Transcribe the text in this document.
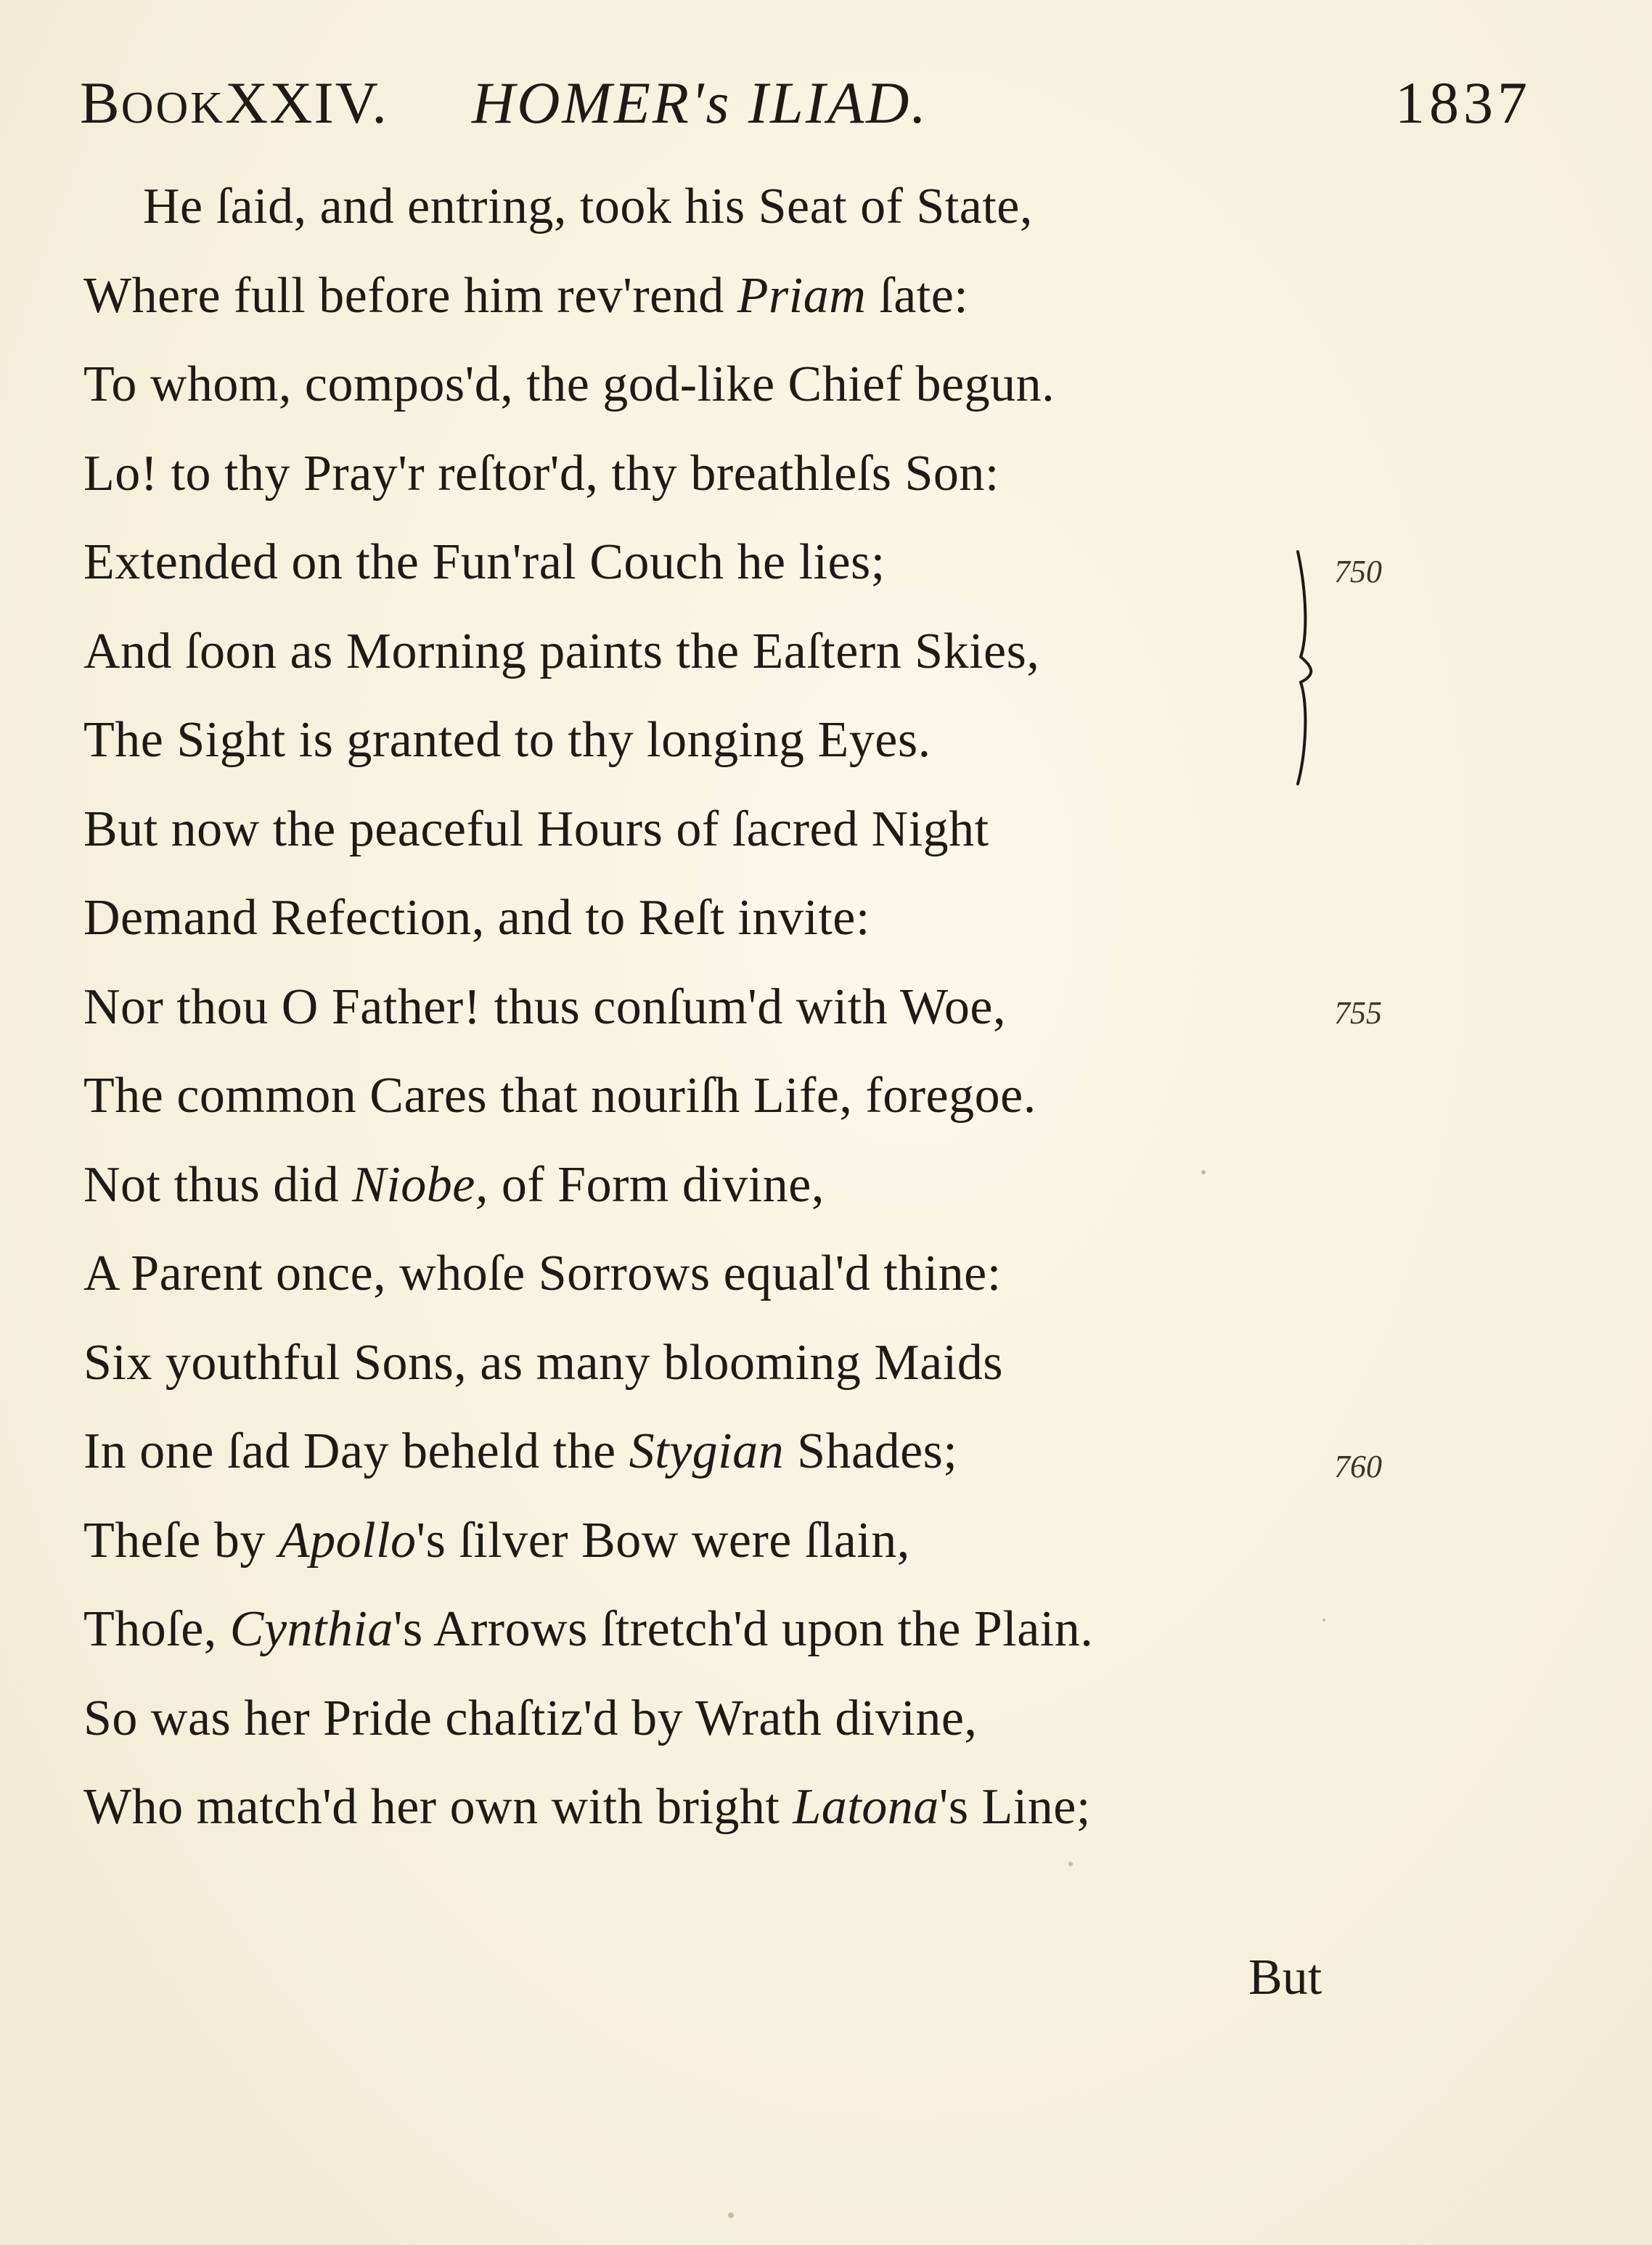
BOOKXXIV. HOMER's ILIAD.	1837
He ſaid, and entring, took his Seat of State,
Where full before him rev'rend Priam ſate:
To whom, compos'd, the god-like Chief begun.
Lo! to thy Pray'r reſtor'd, thy breathleſs Son:
Extended on the Fun'ral Couch he lies;
And ſoon as Morning paints the Eaſtern Skies,
The Sight is granted to thy longing Eyes.
But now the peaceful Hours of ſacred Night
Demand Refection, and to Reſt invite:
Nor thou O Father! thus conſum'd with Woe,
The common Cares that nouriſh Life, foregoe.
Not thus did Niobe, of Form divine,
A Parent once, whoſe Sorrows equal'd thine:
Six youthful Sons, as many blooming Maids
In one ſad Day beheld the Stygian Shades;
Theſe by Apollo's ſilver Bow were ſlain,
Thoſe, Cynthia's Arrows ſtretch'd upon the Plain.
So was her Pride chaſtiz'd by Wrath divine,
Who match'd her own with bright Latona's Line;
750
755
760
But
